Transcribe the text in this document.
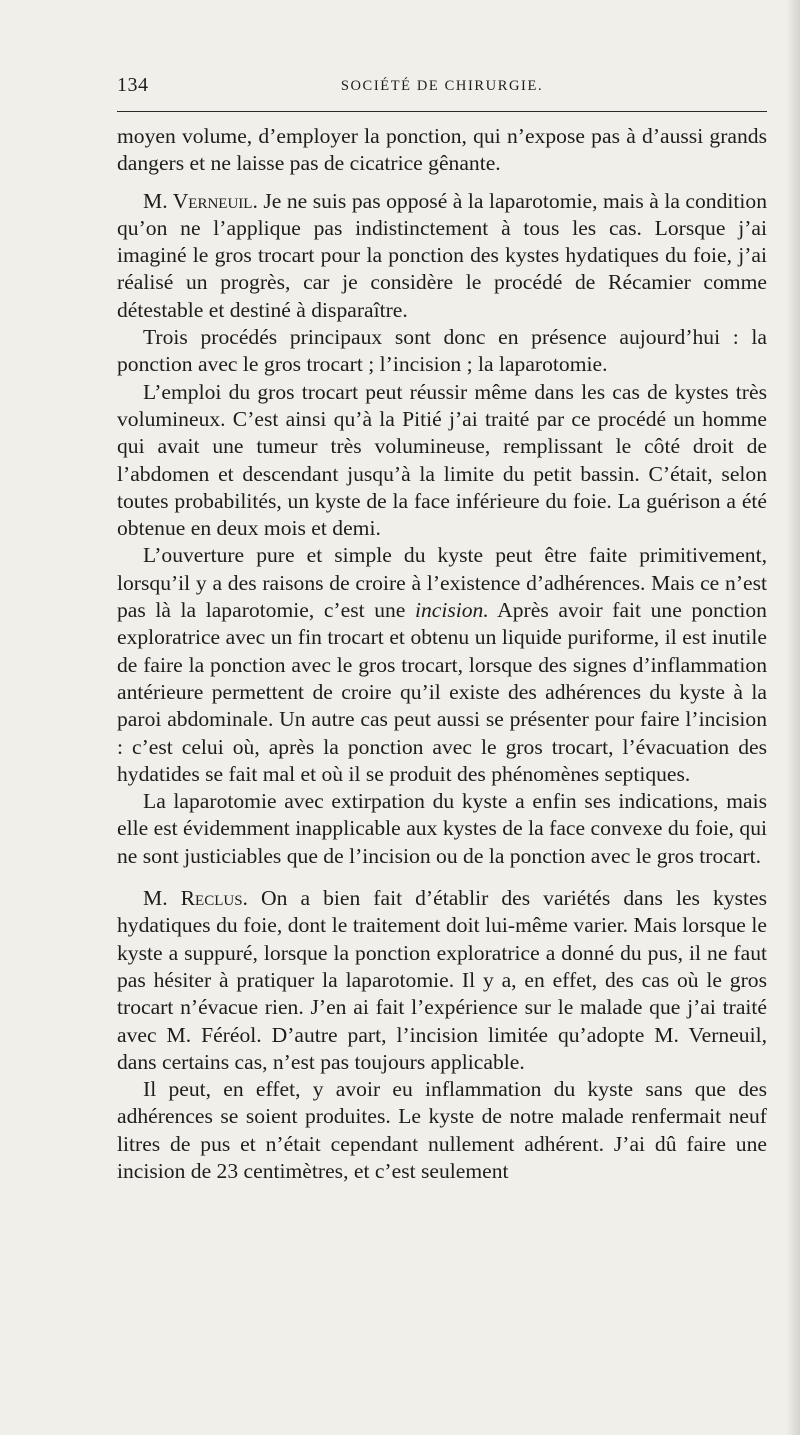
134	SOCIÉTÉ DE CHIRURGIE.

moyen volume, d’employer la ponction, qui n’expose pas à d’aussi grands dangers et ne laisse pas de cicatrice gênante.

M. Verneuil. Je ne suis pas opposé à la laparotomie, mais à la condition qu’on ne l’applique pas indistinctement à tous les cas. Lorsque j’ai imaginé le gros trocart pour la ponction des kystes hydatiques du foie, j’ai réalisé un progrès, car je considère le procédé de Récamier comme détestable et destiné à disparaître.

Trois procédés principaux sont donc en présence aujourd’hui : la ponction avec le gros trocart ; l’incision ; la laparotomie.

L’emploi du gros trocart peut réussir même dans les cas de kystes très volumineux. C’est ainsi qu’à la Pitié j’ai traité par ce procédé un homme qui avait une tumeur très volumineuse, remplissant le côté droit de l’abdomen et descendant jusqu’à la limite du petit bassin. C’était, selon toutes probabilités, un kyste de la face inférieure du foie. La guérison a été obtenue en deux mois et demi.

L’ouverture pure et simple du kyste peut être faite primitivement, lorsqu’il y a des raisons de croire à l’existence d’adhérences. Mais ce n’est pas là la laparotomie, c’est une incision. Après avoir fait une ponction exploratrice avec un fin trocart et obtenu un liquide puriforme, il est inutile de faire la ponction avec le gros trocart, lorsque des signes d’inflammation antérieure permettent de croire qu’il existe des adhérences du kyste à la paroi abdominale. Un autre cas peut aussi se présenter pour faire l’incision : c’est celui où, après la ponction avec le gros trocart, l’évacuation des hydatides se fait mal et où il se produit des phénomènes septiques.

La laparotomie avec extirpation du kyste a enfin ses indications, mais elle est évidemment inapplicable aux kystes de la face convexe du foie, qui ne sont justiciables que de l’incision ou de la ponction avec le gros trocart.

M. Reclus. On a bien fait d’établir des variétés dans les kystes hydatiques du foie, dont le traitement doit lui-même varier. Mais lorsque le kyste a suppuré, lorsque la ponction exploratrice a donné du pus, il ne faut pas hésiter à pratiquer la laparotomie. Il y a, en effet, des cas où le gros trocart n’évacue rien. J’en ai fait l’expérience sur le malade que j’ai traité avec M. Féréol. D’autre part, l’incision limitée qu’adopte M. Verneuil, dans certains cas, n’est pas toujours applicable.

Il peut, en effet, y avoir eu inflammation du kyste sans que des adhérences se soient produites. Le kyste de notre malade renfermait neuf litres de pus et n’était cependant nullement adhérent. J’ai dû faire une incision de 23 centimètres, et c’est seulement
